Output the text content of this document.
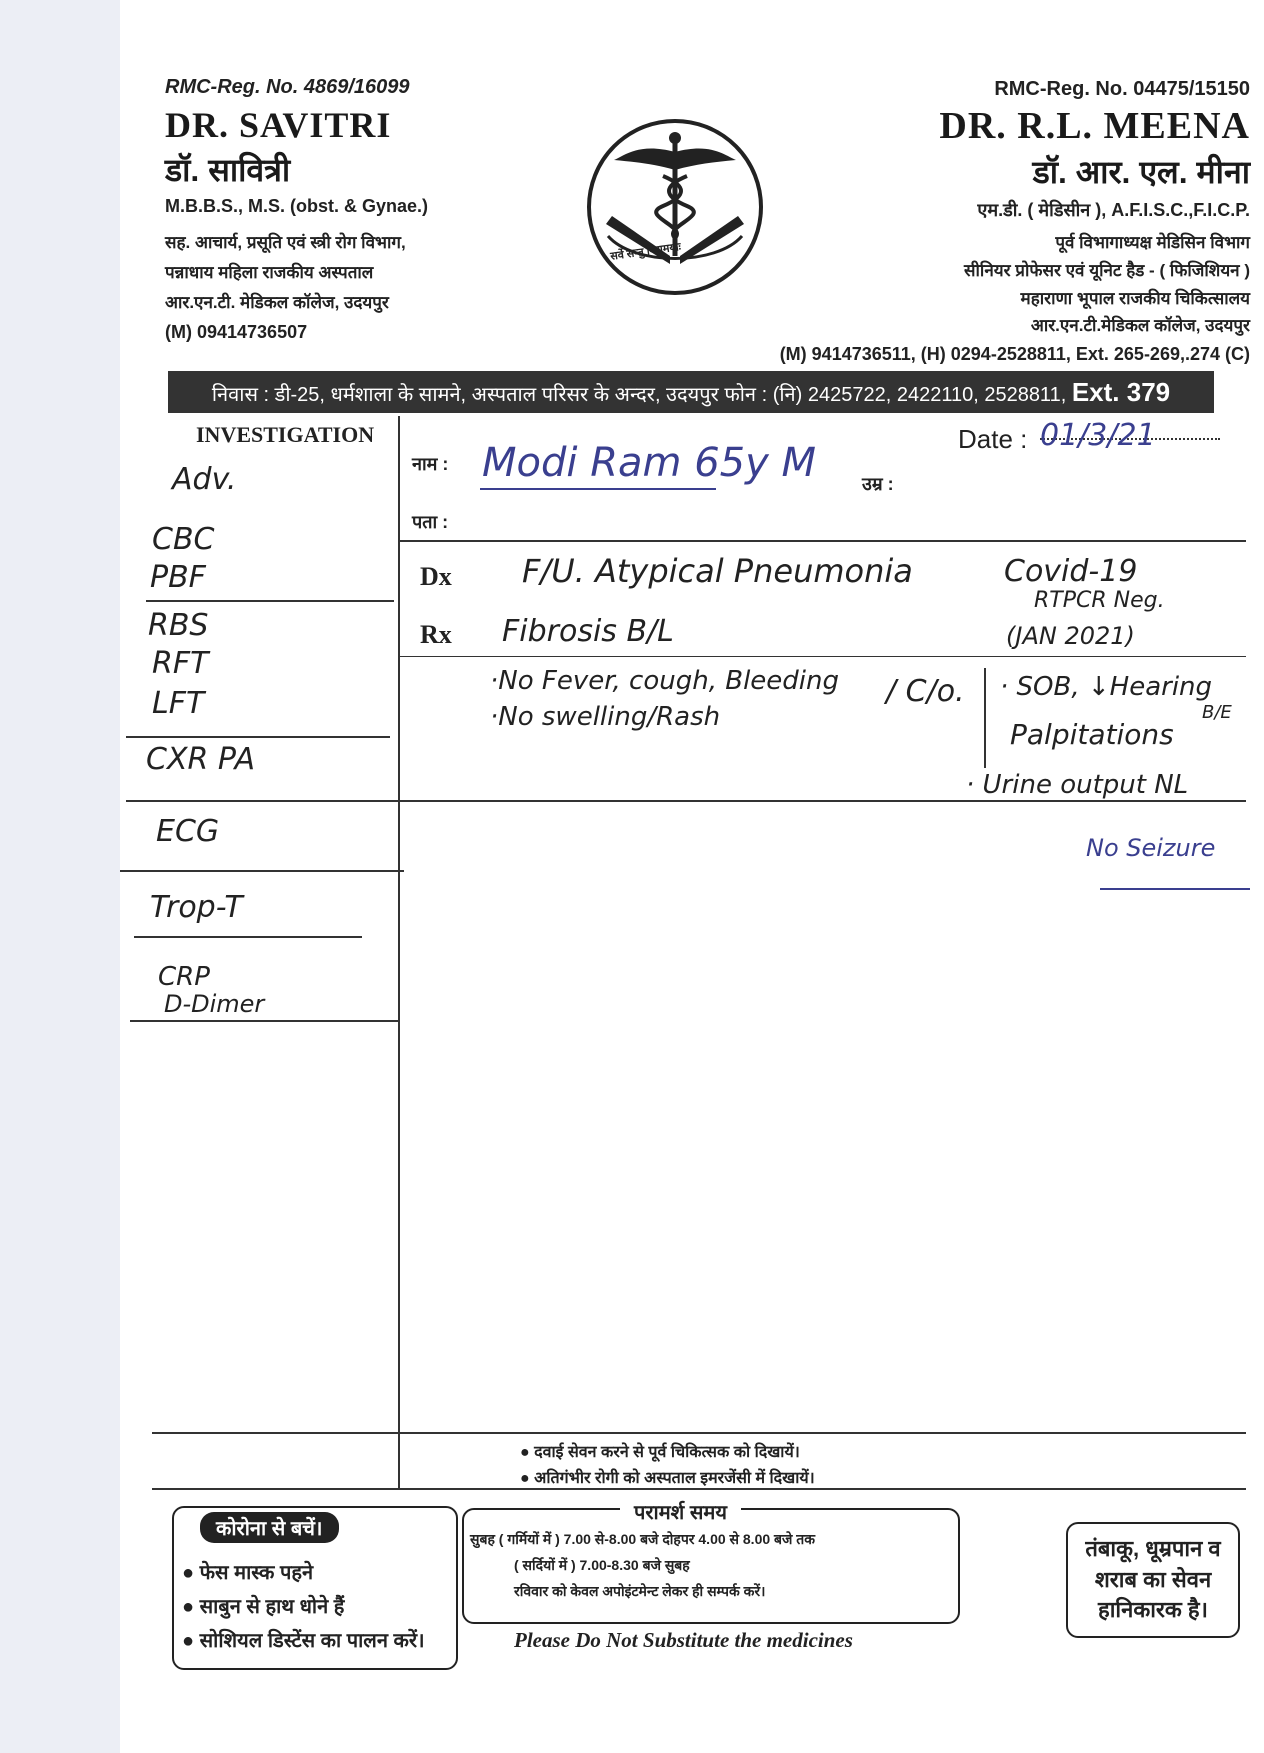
RMC-Reg. No. 4869/16099
DR. SAVITRI
डॉ. सावित्री
M.B.B.S., M.S. (obst. & Gynae.)
सह. आचार्य, प्रसूति एवं स्त्री रोग विभाग,
पन्नाधाय महिला राजकीय अस्पताल
आर.एन.टी. मेडिकल कॉलेज, उदयपुर
(M) 09414736507
सर्वे सन्तु निरामयाः
RMC-Reg. No. 04475/15150
DR. R.L. MEENA
डॉ. आर. एल. मीना
एम.डी. ( मेडिसीन ), A.F.I.S.C.,F.I.C.P.
पूर्व विभागाध्यक्ष मेडिसिन विभाग
सीनियर प्रोफेसर एवं यूनिट हैड - ( फिजिशियन )
महाराणा भूपाल राजकीय चिकित्सालय
आर.एन.टी.मेडिकल कॉलेज, उदयपुर
(M) 9414736511, (H) 0294-2528811, Ext. 265-269,.274 (C)
निवास : डी-25, धर्मशाला के सामने, अस्पताल परिसर के अन्दर, उदयपुर फोन : (नि) 2425722, 2422110, 2528811, Ext. 379
INVESTIGATION	Date :
नाम :
उम्र :
पता :
Dx
Rx
01/3/21
Modi Ram 65y M
Adv.
CBC
PBF
RBS
RFT
LFT
CXR PA
ECG
Trop-T
CRP
D-Dimer
F/U. Atypical Pneumonia	Covid-19
RTPCR Neg.
(JAN 2021)
Fibrosis B/L
·No Fever, cough, Bleeding
·No swelling/Rash
/ C/o. · SOB, ↓Hearing
B/E
Palpitations
· Urine output NL
No Seizure
● दवाई सेवन करने से पूर्व चिकित्सक को दिखायें।
● अतिगंभीर रोगी को अस्पताल इमरजेंसी में दिखायें।
कोरोना से बचें।
● फेस मास्क पहने
● साबुन से हाथ धोने हैं
● सोशियल डिस्टेंस का पालन करें।
परामर्श समय
सुबह ( गर्मियों में ) 7.00 से-8.00 बजे दोहपर 4.00 से 8.00 बजे तक
( सर्दियों में ) 7.00-8.30 बजे सुबह
रविवार को केवल अपोइंटमेन्ट लेकर ही सम्पर्क करें।
तंबाकू, धूम्रपान व शराब का सेवन हानिकारक है।
Please Do Not Substitute the medicines
